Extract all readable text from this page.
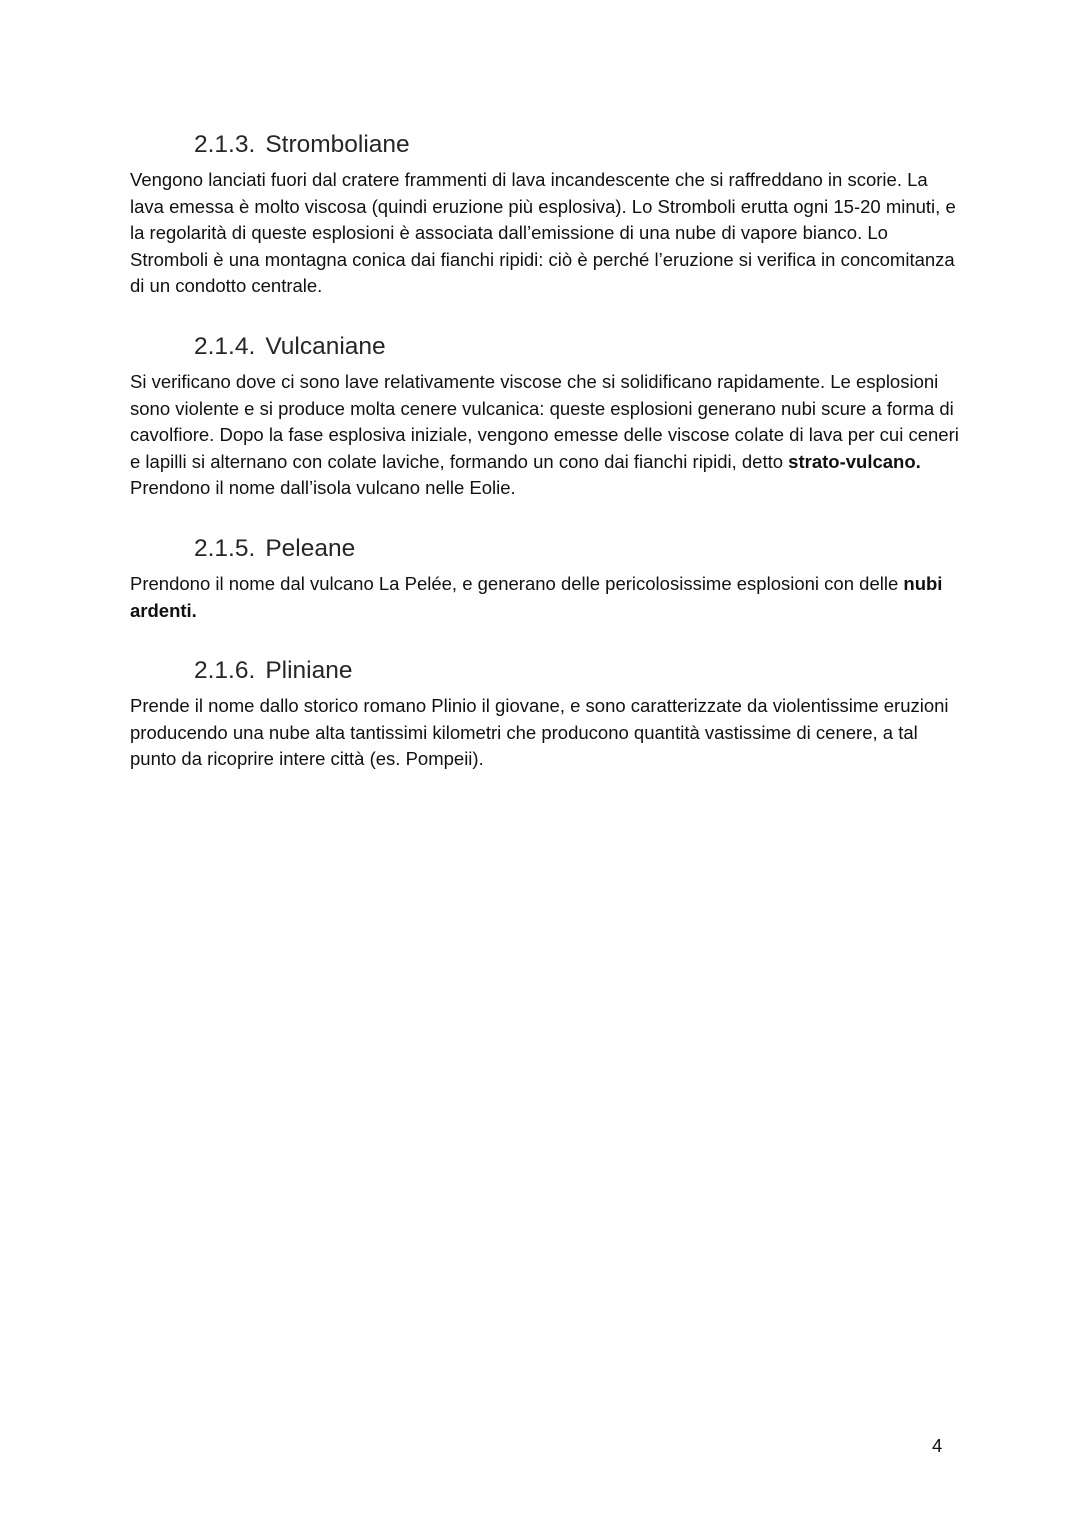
2.1.3. Stromboliane

Vengono lanciati fuori dal cratere frammenti di lava incandescente che si raffreddano in scorie. La lava emessa è molto viscosa (quindi eruzione più esplosiva). Lo Stromboli erutta ogni 15-20 minuti, e la regolarità di queste esplosioni è associata dall’emissione di una nube di vapore bianco. Lo Stromboli è una montagna conica dai fianchi ripidi: ciò è perché l’eruzione si verifica in concomitanza di un condotto centrale.

2.1.4. Vulcaniane

Si verificano dove ci sono lave relativamente viscose che si solidificano rapidamente. Le esplosioni sono violente e si produce molta cenere vulcanica: queste esplosioni generano nubi scure a forma di cavolfiore. Dopo la fase esplosiva iniziale, vengono emesse delle viscose colate di lava per cui ceneri e lapilli si alternano con colate laviche, formando un cono dai fianchi ripidi, detto strato-vulcano. Prendono il nome dall’isola vulcano nelle Eolie.

2.1.5. Peleane

Prendono il nome dal vulcano La Pelée, e generano delle pericolosissime esplosioni con delle nubi ardenti.

2.1.6. Pliniane

Prende il nome dallo storico romano Plinio il giovane, e sono caratterizzate da violentissime eruzioni producendo una nube alta tantissimi kilometri che producono quantità vastissime di cenere, a tal punto da ricoprire intere città (es. Pompeii).

4
